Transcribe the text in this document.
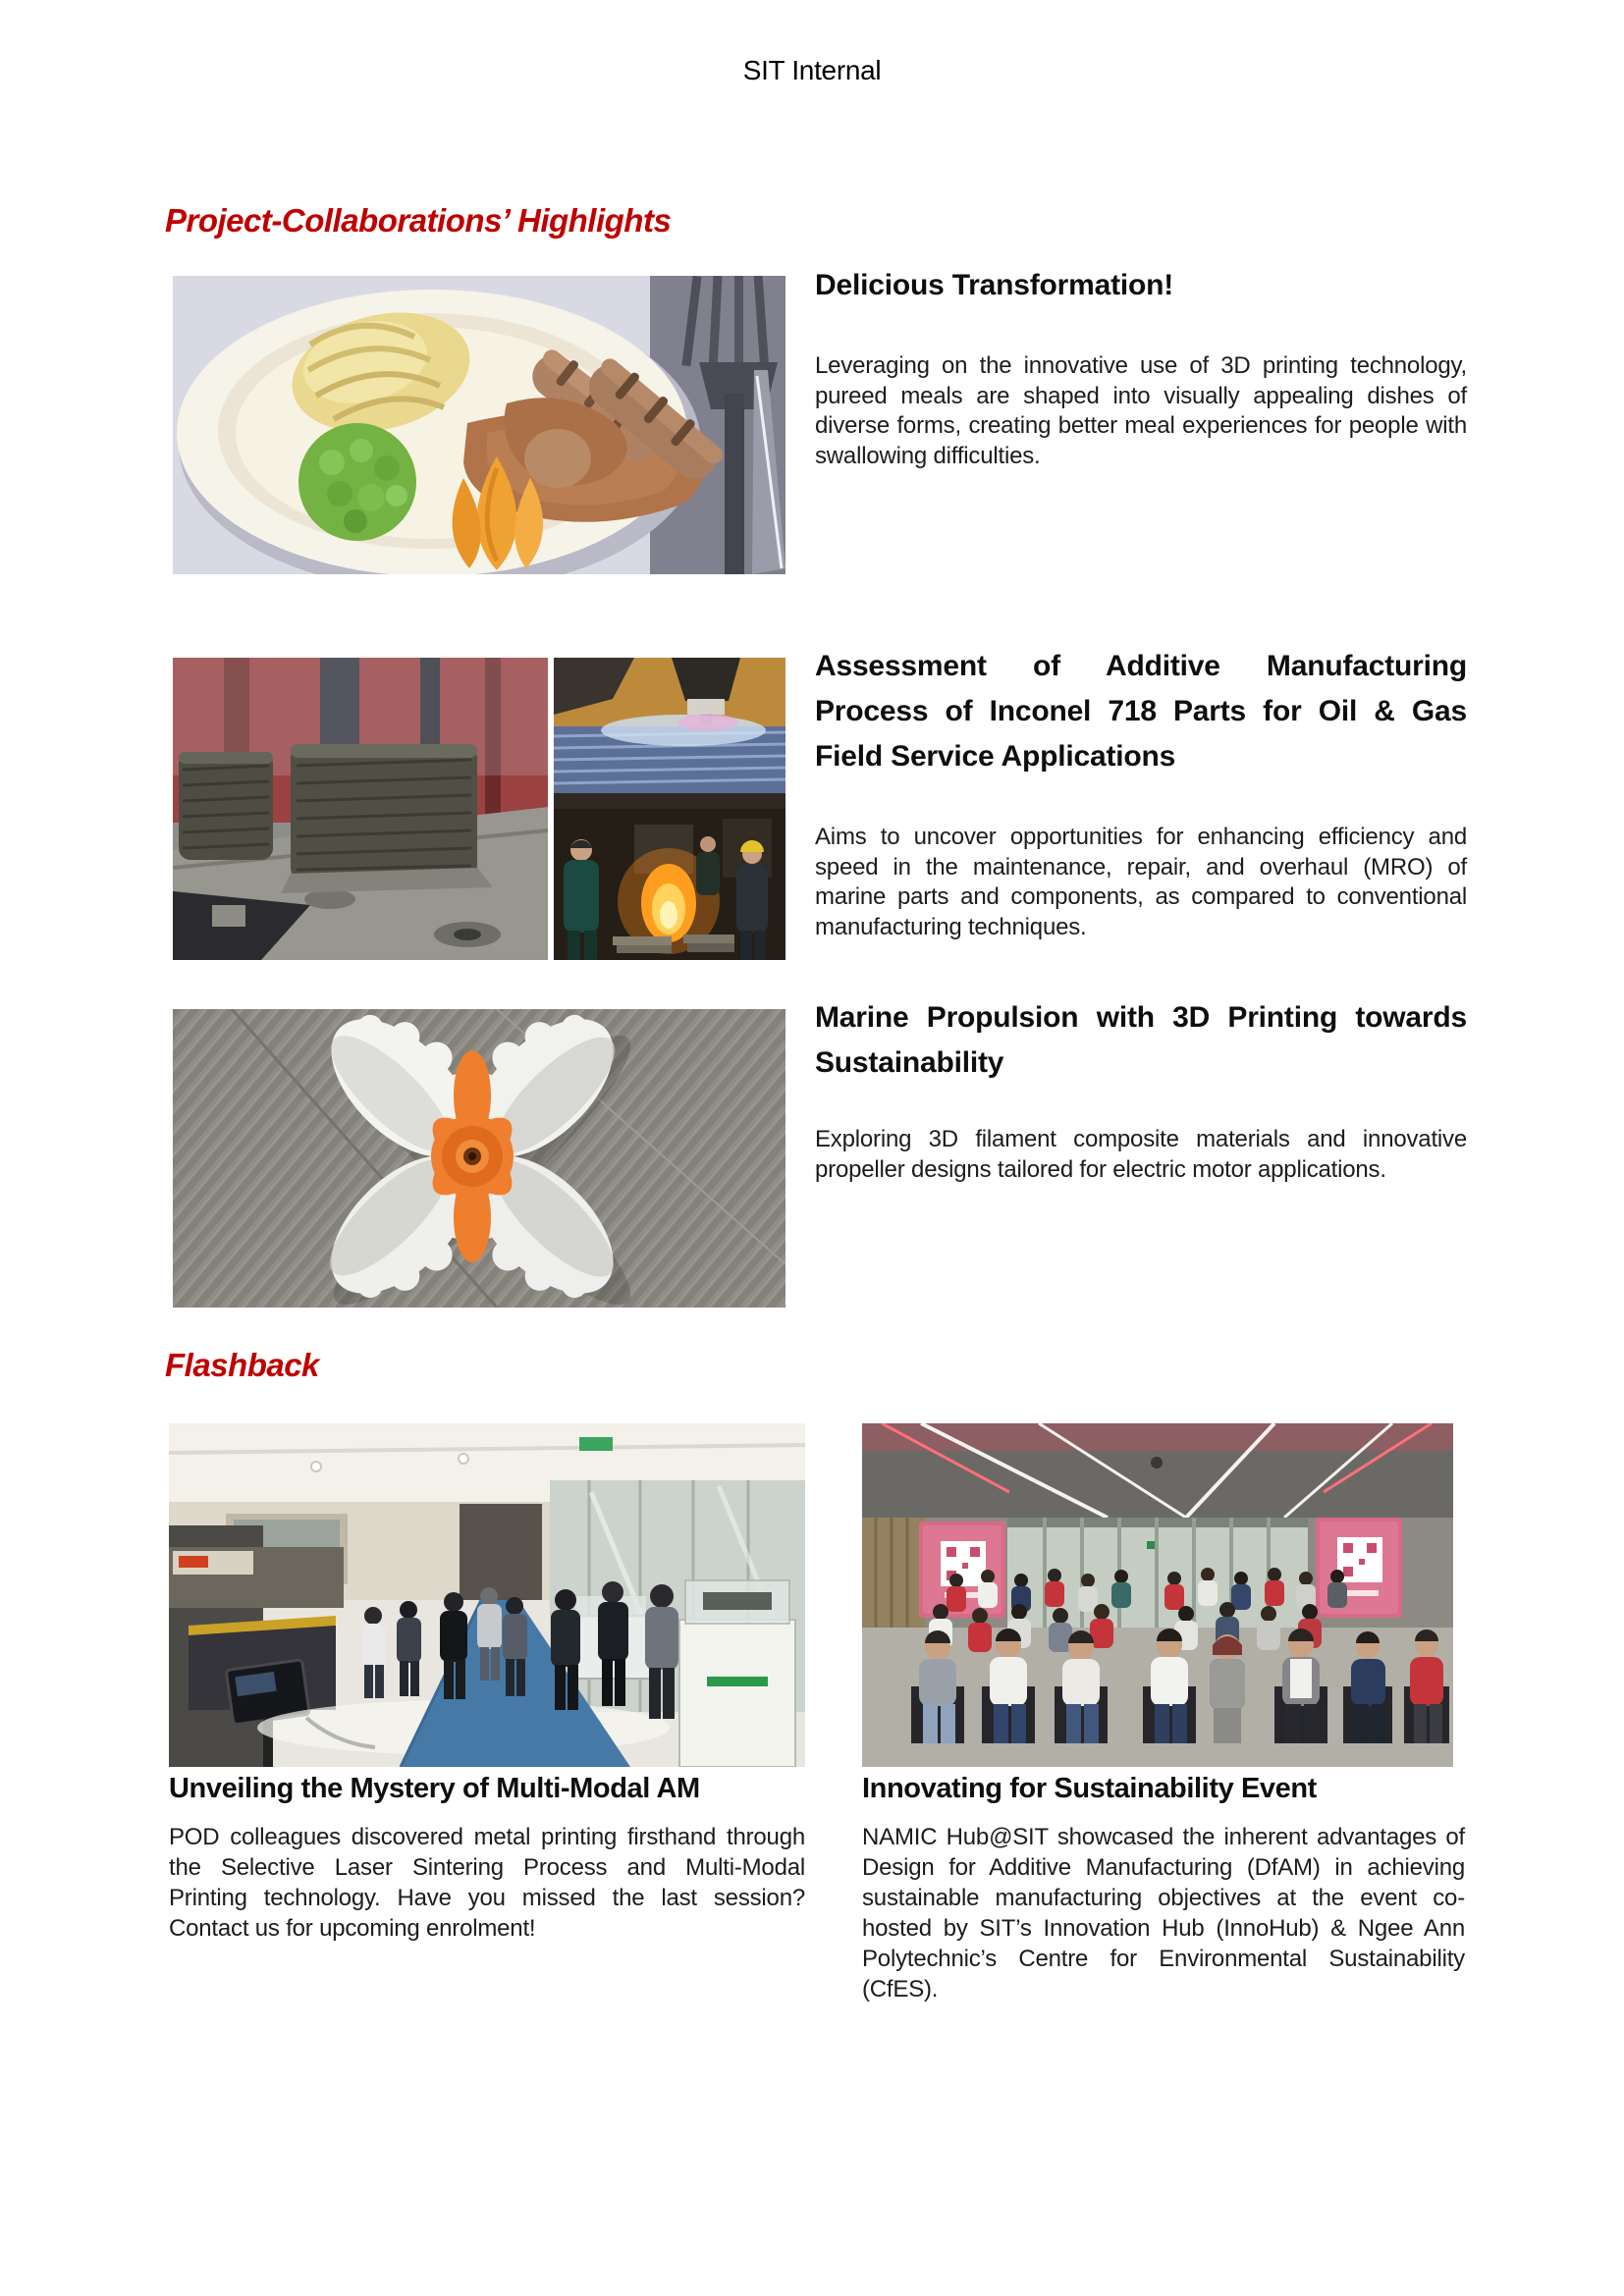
SIT Internal
Project-Collaborations’ Highlights
Delicious Transformation!
Leveraging on the innovative use of 3D printing technology, pureed meals are shaped into visually appealing dishes of diverse forms, creating better meal experiences for people with swallowing difficulties.
Assessment of Additive Manufacturing Process of Inconel 718 Parts for Oil & Gas Field Service Applications
Aims to uncover opportunities for enhancing efficiency and speed in the maintenance, repair, and overhaul (MRO) of marine parts and components, as compared to conventional manufacturing techniques.
Marine Propulsion with 3D Printing towards Sustainability
Exploring 3D filament composite materials and innovative propeller designs tailored for electric motor applications.
Flashback
Unveiling the Mystery of Multi-Modal AM
POD colleagues discovered metal printing firsthand through the Selective Laser Sintering Process and Multi-Modal Printing technology. Have you missed the last session? Contact us for upcoming enrolment!
Innovating for Sustainability Event
NAMIC Hub@SIT showcased the inherent advantages of Design for Additive Manufacturing (DfAM) in achieving sustainable manufacturing objectives at the event co-hosted by SIT’s Innovation Hub (InnoHub) & Ngee Ann Polytechnic’s Centre for Environmental Sustainability (CfES).
